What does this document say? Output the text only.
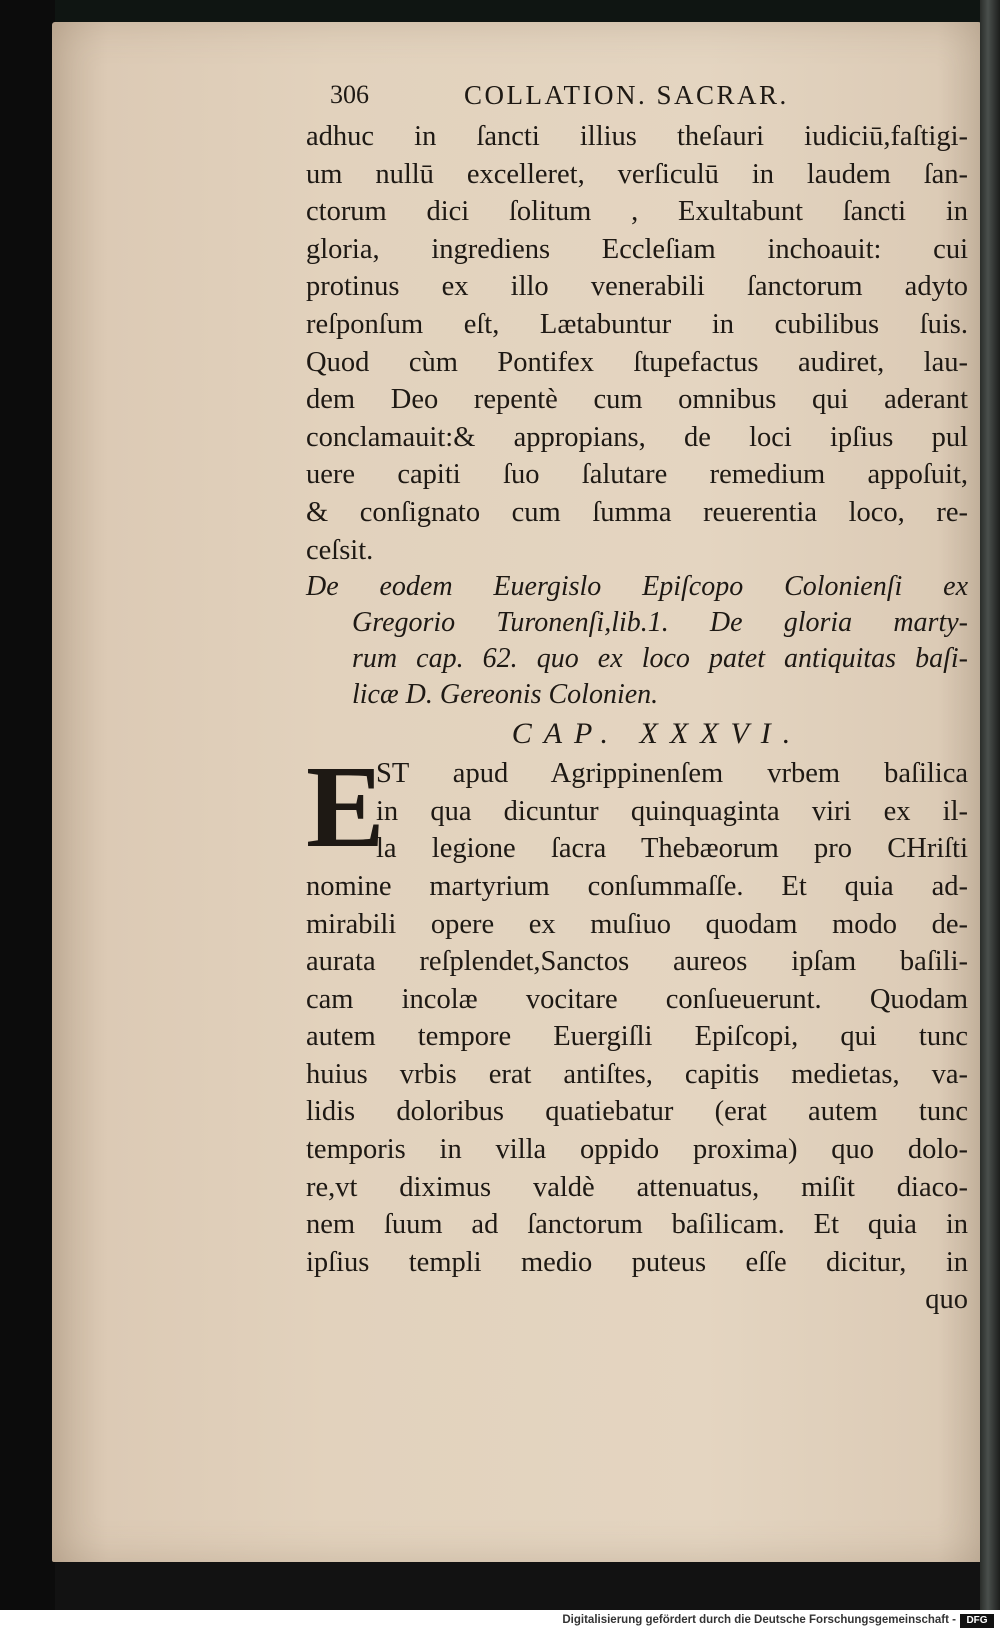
306	COLLATION. SACRAR.
adhuc in ſancti illius theſauri iudiciū,faſtigi-
um nullū excelleret, verſiculū in laudem ſan-
ctorum dici ſolitum , Exultabunt ſancti in
gloria, ingrediens Eccleſiam inchoauit: cui
protinus ex illo venerabili ſanctorum adyto
reſponſum eſt, Lætabuntur in cubilibus ſuis.
Quod cùm Pontifex ſtupefactus audiret, lau-
dem Deo repentè cum omnibus qui aderant
conclamauit:& appropians, de loci ipſius pul
uere capiti ſuo ſalutare remedium appoſuit,
& conſignato cum ſumma reuerentia loco, re-
ceſsit.
De eodem Euergislo Epiſcopo Colonienſi ex
Gregorio Turonenſi,lib.1. De gloria marty-
rum cap. 62. quo ex loco patet antiquitas baſi-
licæ D. Gereonis Colonien.
CAP. XXXVI.
E
ST apud Agrippinenſem vrbem baſilica
in qua dicuntur quinquaginta viri ex il-
la legione ſacra Thebæorum pro CHriſti
nomine martyrium conſummaſſe. Et quia ad-
mirabili opere ex muſiuo quodam modo de-
aurata reſplendet,Sanctos aureos ipſam baſili-
cam incolæ vocitare conſueuerunt. Quodam
autem tempore Euergiſli Epiſcopi, qui tunc
huius vrbis erat antiſtes, capitis medietas, va-
lidis doloribus quatiebatur (erat autem tunc
temporis in villa oppido proxima) quo dolo-
re,vt diximus valdè attenuatus, miſit diaco-
nem ſuum ad ſanctorum baſilicam. Et quia in
ipſius templi medio puteus eſſe dicitur, in
quo
Digitalisierung gefördert durch die Deutsche Forschungsgemeinschaft -	DFG
